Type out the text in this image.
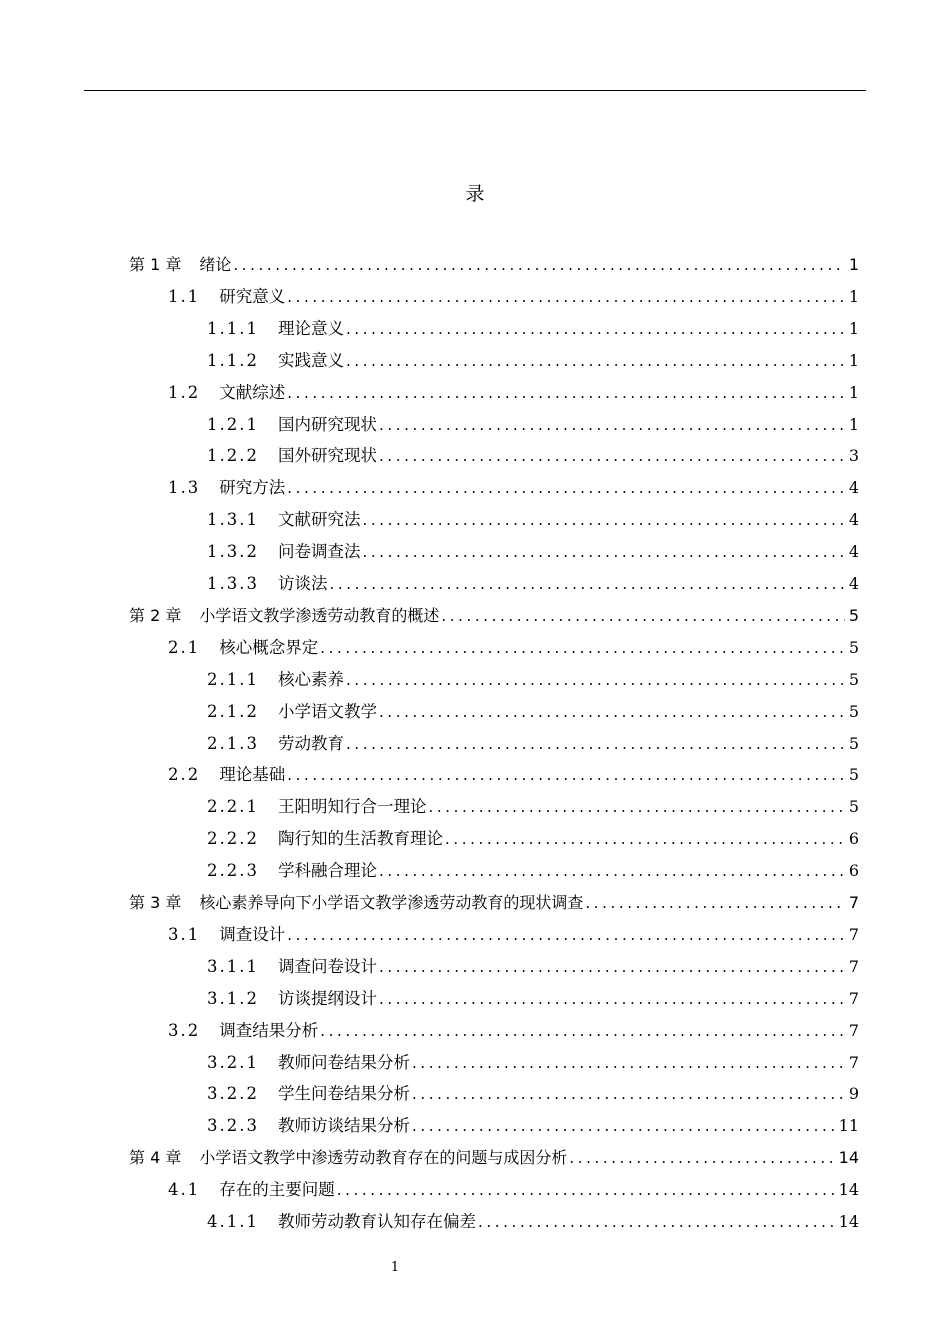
录
第 1 章 绪论 .....	1
1.1 研究意义 .....	1
1.1.1 理论意义 .....	1
1.1.2 实践意义 .....	1
1.2 文献综述 .....	1
1.2.1 国内研究现状 .....	1
1.2.2 国外研究现状 .....	3
1.3 研究方法 .....	4
1.3.1 文献研究法 .....	4
1.3.2 问卷调查法 .....	4
1.3.3 访谈法 .....	4
第 2 章 小学语文教学渗透劳动教育的概述 .....	5
2.1 核心概念界定 .....	5
2.1.1 核心素养 .....	5
2.1.2 小学语文教学 .....	5
2.1.3 劳动教育 .....	5
2.2 理论基础 .....	5
2.2.1 王阳明知行合一理论 .....	5
2.2.2 陶行知的生活教育理论 .....	6
2.2.3 学科融合理论 .....	6
第 3 章 核心素养导向下小学语文教学渗透劳动教育的现状调查 .....	7
3.1 调查设计 .....	7
3.1.1 调查问卷设计 .....	7
3.1.2 访谈提纲设计 .....	7
3.2 调查结果分析 .....	7
3.2.1 教师问卷结果分析 .....	7
3.2.2 学生问卷结果分析 .....	9
3.2.3 教师访谈结果分析 .....	11
第 4 章 小学语文教学中渗透劳动教育存在的问题与成因分析 .....	14
4.1 存在的主要问题 .....	14
4.1.1 教师劳动教育认知存在偏差 .....	14
1
